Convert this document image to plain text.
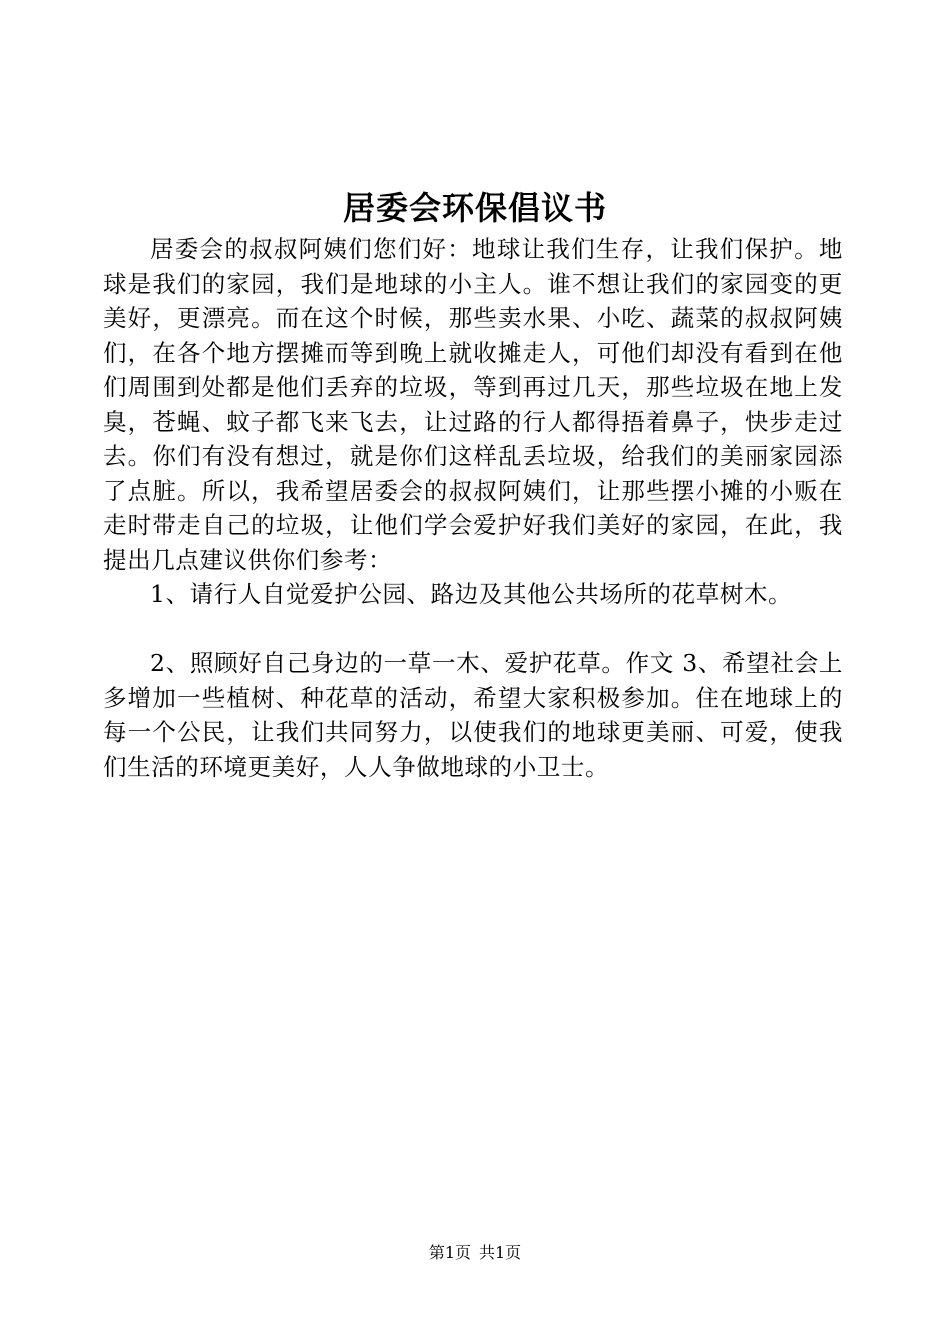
居委会环保倡议书

居委会的叔叔阿姨们您们好：地球让我们生存，让我们保护。地球是我们的家园，我们是地球的小主人。谁不想让我们的家园变的更美好，更漂亮。而在这个时候，那些卖水果、小吃、蔬菜的叔叔阿姨们，在各个地方摆摊而等到晚上就收摊走人，可他们却没有看到在他们周围到处都是他们丢弃的垃圾，等到再过几天，那些垃圾在地上发臭，苍蝇、蚊子都飞来飞去，让过路的行人都得捂着鼻子，快步走过去。你们有没有想过，就是你们这样乱丢垃圾，给我们的美丽家园添了点脏。所以，我希望居委会的叔叔阿姨们，让那些摆小摊的小贩在走时带走自己的垃圾，让他们学会爱护好我们美好的家园，在此，我提出几点建议供你们参考：

1、请行人自觉爱护公园、路边及其他公共场所的花草树木。

2、照顾好自己身边的一草一木、爱护花草。作文 3、希望社会上多增加一些植树、种花草的活动，希望大家积极参加。住在地球上的每一个公民，让我们共同努力，以使我们的地球更美丽、可爱，使我们生活的环境更美好，人人争做地球的小卫士。

第1页 共1页
